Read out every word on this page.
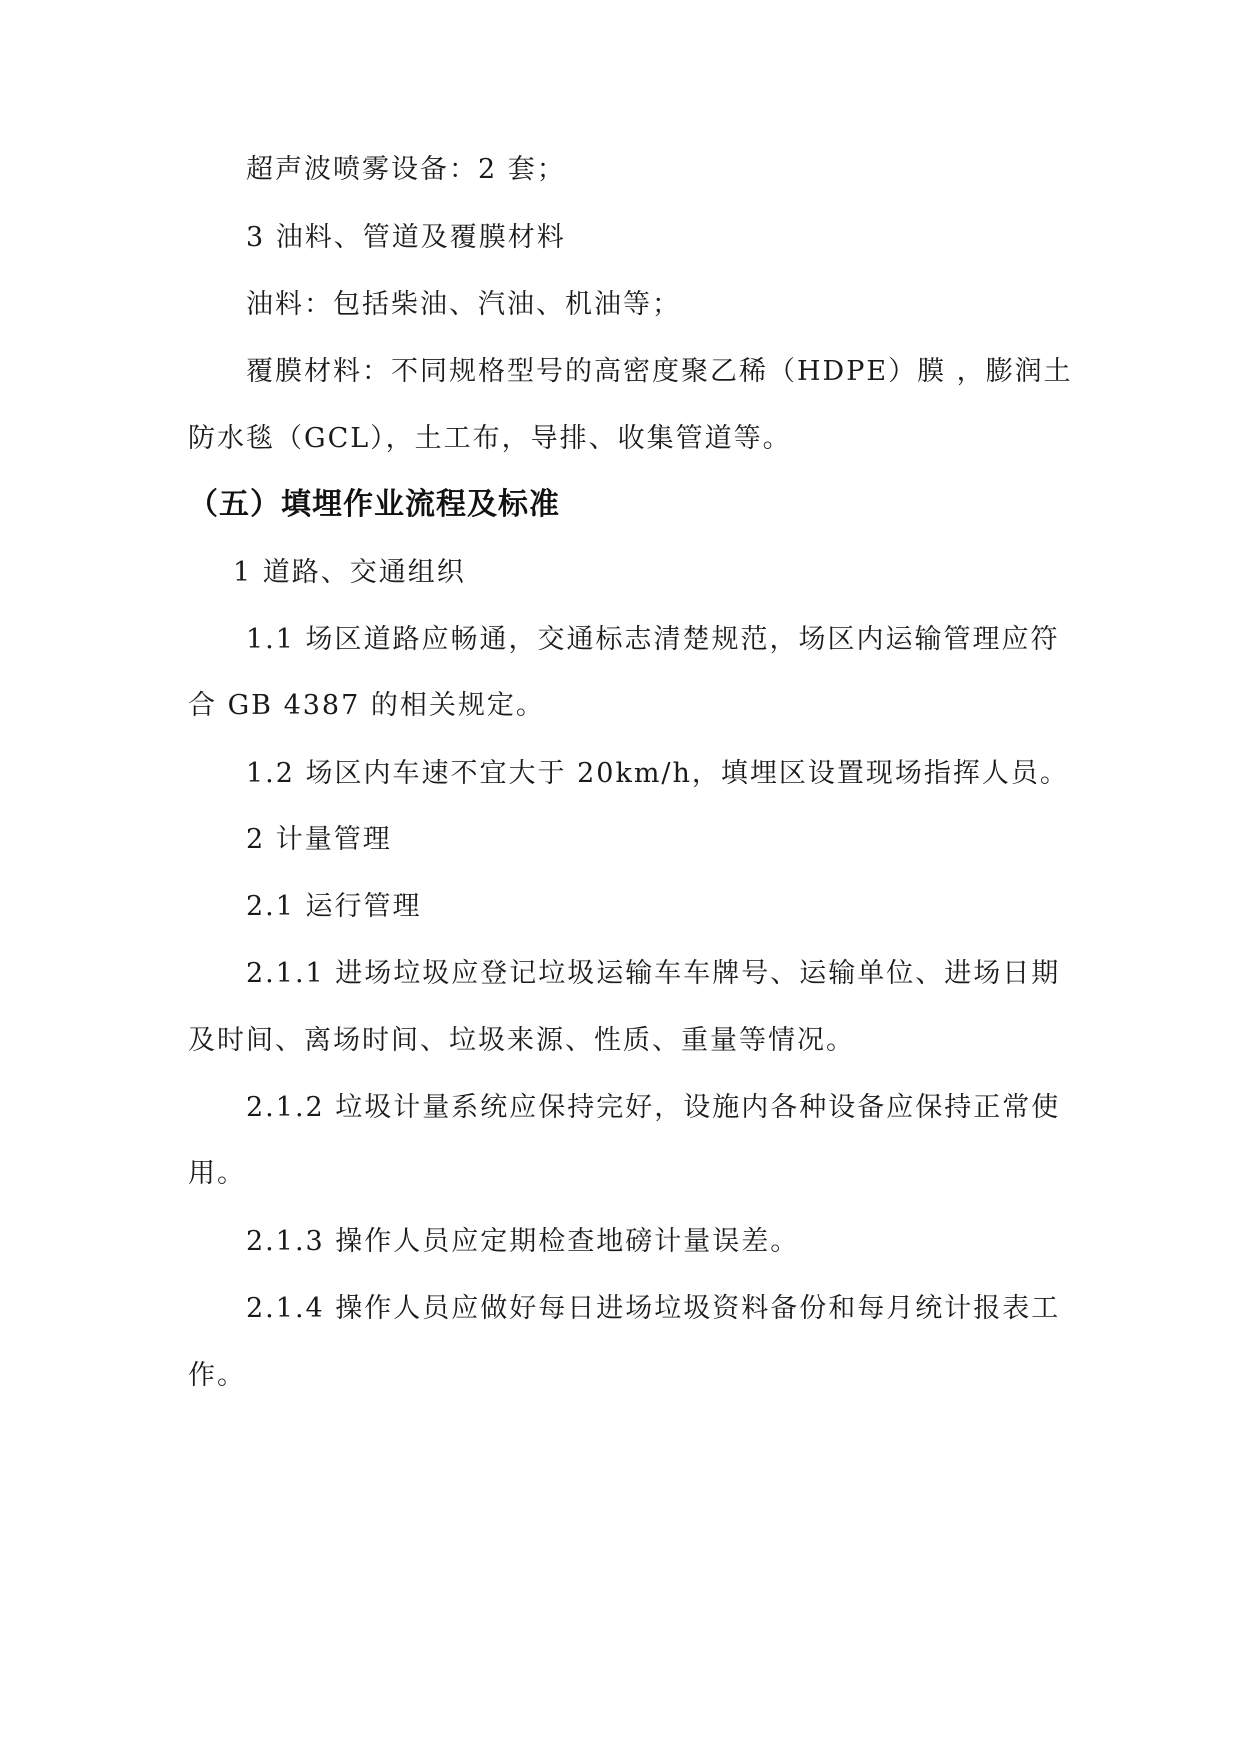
超声波喷雾设备：2 套；
3 油料、管道及覆膜材料
油料：包括柴油、汽油、机油等；
覆膜材料：不同规格型号的高密度聚乙稀（HDPE）膜 ，膨润土
防水毯（GCL），土工布，导排、收集管道等。
（五）填埋作业流程及标准
1 道路、交通组织
1.1 场区道路应畅通，交通标志清楚规范，场区内运输管理应符
合 GB 4387 的相关规定。
1.2 场区内车速不宜大于 20km/h，填埋区设置现场指挥人员。
2 计量管理
2.1 运行管理
2.1.1 进场垃圾应登记垃圾运输车车牌号、运输单位、进场日期
及时间、离场时间、垃圾来源、性质、重量等情况。
2.1.2 垃圾计量系统应保持完好，设施内各种设备应保持正常使
用。
2.1.3 操作人员应定期检查地磅计量误差。
2.1.4 操作人员应做好每日进场垃圾资料备份和每月统计报表工
作。
